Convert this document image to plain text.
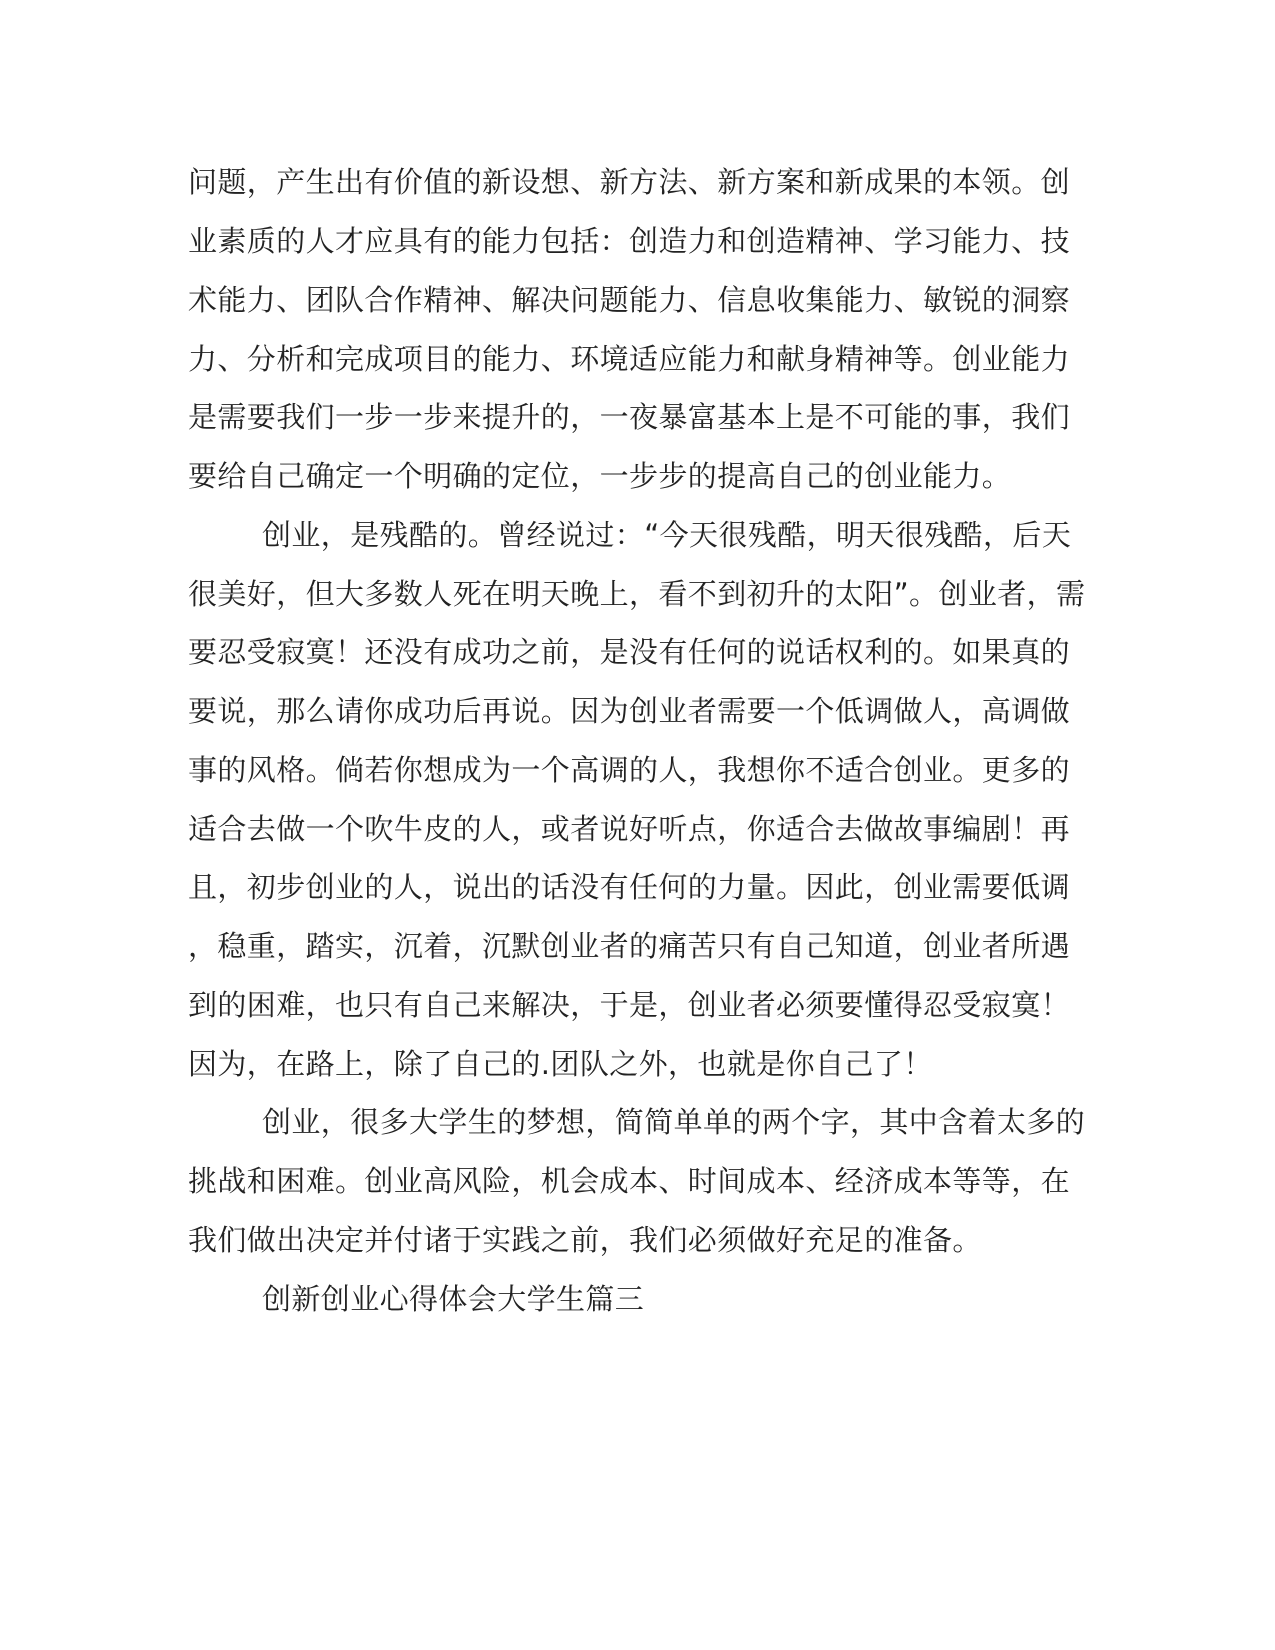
问题，产生出有价值的新设想、新方法、新方案和新成果的本领。创
业素质的人才应具有的能力包括：创造力和创造精神、学习能力、技
术能力、团队合作精神、解决问题能力、信息收集能力、敏锐的洞察
力、分析和完成项目的能力、环境适应能力和献身精神等。创业能力
是需要我们一步一步来提升的，一夜暴富基本上是不可能的事，我们
要给自己确定一个明确的定位，一步步的提高自己的创业能力。
创业，是残酷的。曾经说过：“今天很残酷，明天很残酷，后天
很美好，但大多数人死在明天晚上，看不到初升的太阳”。创业者，需
要忍受寂寞！还没有成功之前，是没有任何的说话权利的。如果真的
要说，那么请你成功后再说。因为创业者需要一个低调做人，高调做
事的风格。倘若你想成为一个高调的人，我想你不适合创业。更多的
适合去做一个吹牛皮的人，或者说好听点，你适合去做故事编剧！再
且，初步创业的人，说出的话没有任何的力量。因此，创业需要低调
，稳重，踏实，沉着，沉默创业者的痛苦只有自己知道，创业者所遇
到的困难，也只有自己来解决，于是，创业者必须要懂得忍受寂寞！
因为，在路上，除了自己的.团队之外，也就是你自己了！
创业，很多大学生的梦想，简简单单的两个字，其中含着太多的
挑战和困难。创业高风险，机会成本、时间成本、经济成本等等，在
我们做出决定并付诸于实践之前，我们必须做好充足的准备。
创新创业心得体会大学生篇三
